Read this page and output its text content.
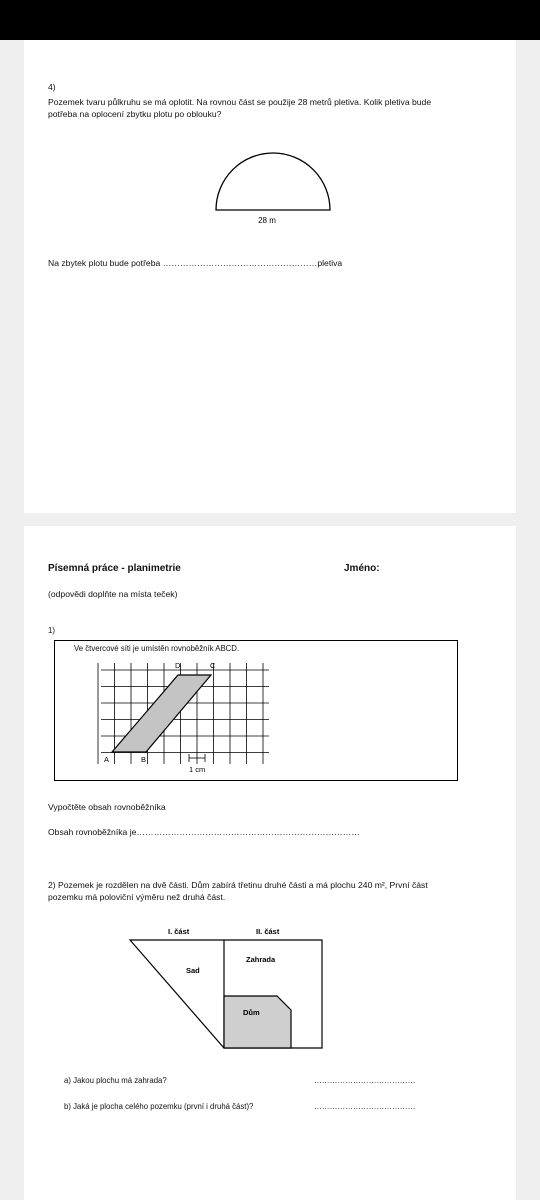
4)
Pozemek tvaru půlkruhu se má oplotit. Na rovnou část se použije 28 metrů pletiva. Kolik pletiva bude
potřeba na oplocení zbytku plotu po oblouku?
28 m
Na zbytek plotu bude potřeba ………………………………………………pletiva
Písemná práce - planimetrie	Jméno:
(odpovědi doplňte na místa teček)
1)
Ve čtvercové síti je umístěn rovnoběžník ABCD.
A	B
D	C
1 cm
Vypočtěte obsah rovnoběžníka
Obsah rovnoběžníka je……………………………………………………………………
2) Pozemek je rozdělen na dvě části. Dům zabírá třetinu druhé části a má plochu 240 m², První část
pozemku má poloviční výměru než druhá část.
I. část	II. část
Zahrada
Sad
Dům
a) Jakou plochu má zahrada?	…………………………………
b) Jaká je plocha celého pozemku (první i druhá část)?	…………………………………
